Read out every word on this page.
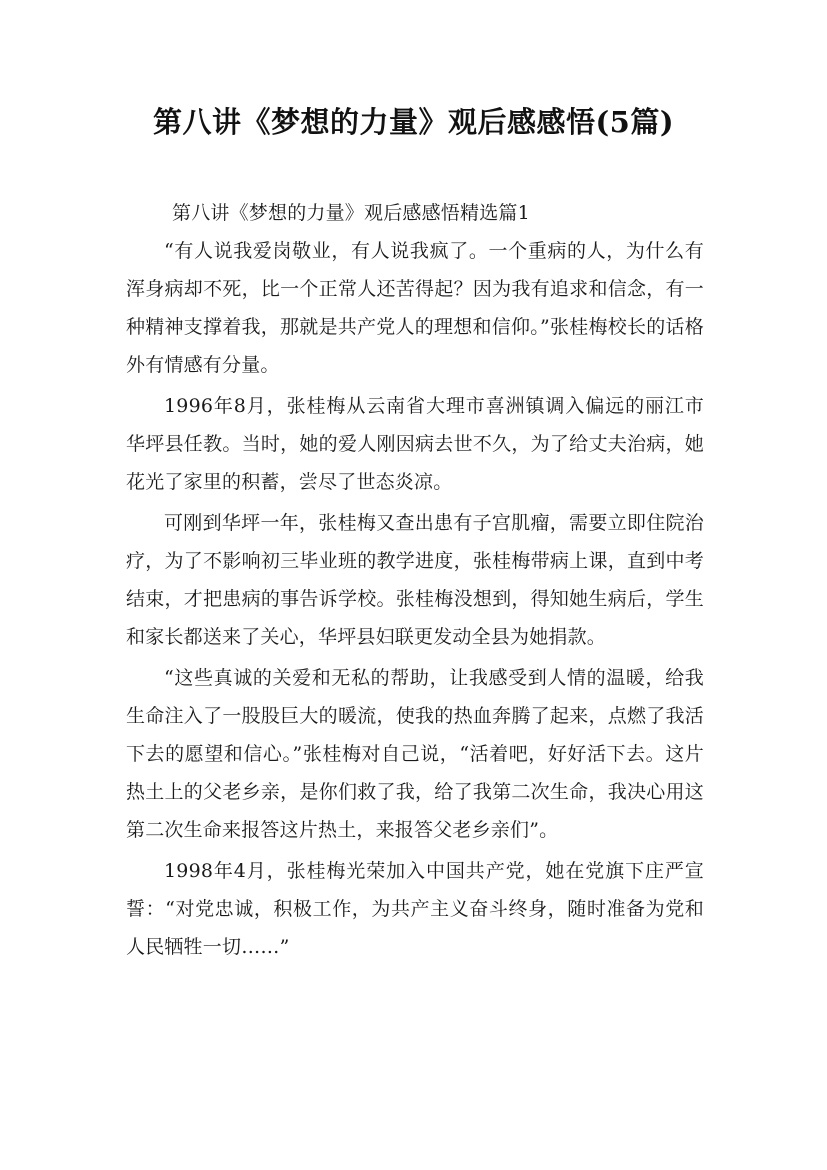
第八讲《梦想的力量》观后感感悟(5篇)

第八讲《梦想的力量》观后感感悟精选篇1

“有人说我爱岗敬业，有人说我疯了。一个重病的人，为什么有浑身病却不死，比一个正常人还苦得起？因为我有追求和信念，有一种精神支撑着我，那就是共产党人的理想和信仰。”张桂梅校长的话格外有情感有分量。

1996年8月，张桂梅从云南省大理市喜洲镇调入偏远的丽江市华坪县任教。当时，她的爱人刚因病去世不久，为了给丈夫治病，她花光了家里的积蓄，尝尽了世态炎凉。

可刚到华坪一年，张桂梅又查出患有子宫肌瘤，需要立即住院治疗，为了不影响初三毕业班的教学进度，张桂梅带病上课，直到中考结束，才把患病的事告诉学校。张桂梅没想到，得知她生病后，学生和家长都送来了关心，华坪县妇联更发动全县为她捐款。

“这些真诚的关爱和无私的帮助，让我感受到人情的温暖，给我生命注入了一股股巨大的暖流，使我的热血奔腾了起来，点燃了我活下去的愿望和信心。”张桂梅对自己说，“活着吧，好好活下去。这片热土上的父老乡亲，是你们救了我，给了我第二次生命，我决心用这第二次生命来报答这片热土，来报答父老乡亲们”。

1998年4月，张桂梅光荣加入中国共产党，她在党旗下庄严宣誓：“对党忠诚，积极工作，为共产主义奋斗终身，随时准备为党和人民牺牲一切……”
